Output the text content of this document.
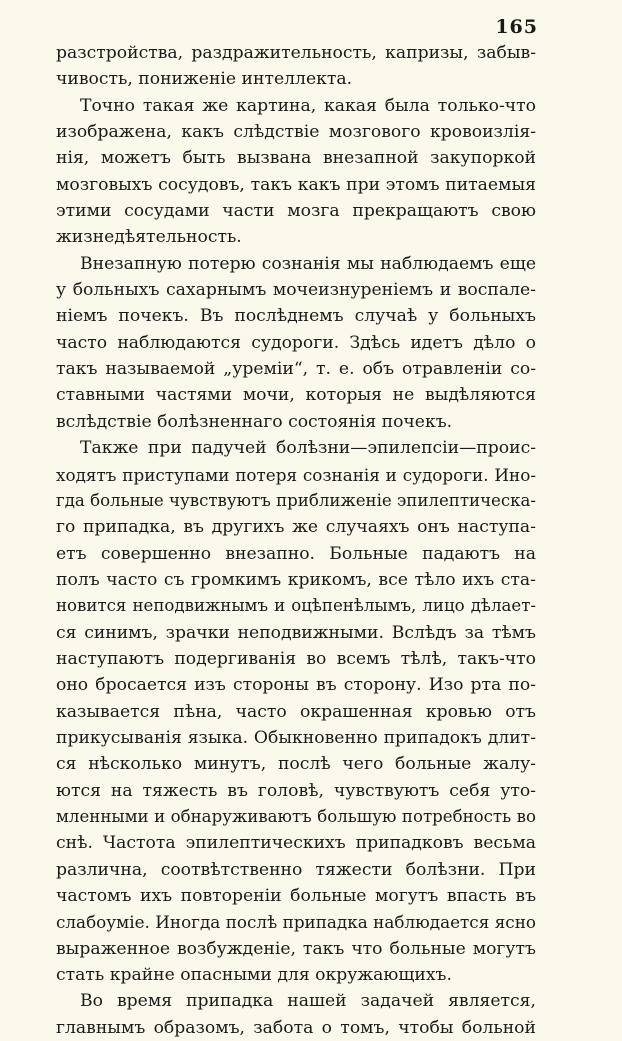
165
разстройства, раздражительность, капризы, забыв-
чивость, пониженіе интеллекта.
Точно такая же картина, какая была только-что
изображена, какъ слѣдствіе мозгового кровоизлія-
нія, можетъ быть вызвана внезапной закупоркой
мозговыхъ сосудовъ, такъ какъ при этомъ питаемыя
этими сосудами части мозга прекращаютъ свою
жизнедѣятельность.
Внезапную потерю сознанія мы наблюдаемъ еще
у больныхъ сахарнымъ мочеизнуреніемъ и воспале-
ніемъ почекъ. Въ послѣднемъ случаѣ у больныхъ
часто наблюдаются судороги. Здѣсь идетъ дѣло о
такъ называемой „уреміи“, т. е. объ отравленіи со-
ставными частями мочи, которыя не выдѣляются
вслѣдствіе болѣзненнаго состоянія почекъ.
Также при падучей болѣзни—эпилепсіи—проис-
ходятъ приступами потеря сознанія и судороги. Ино-
гда больные чувствуютъ приближеніе эпилептическа-
го припадка, въ другихъ же случаяхъ онъ наступа-
етъ совершенно внезапно. Больные падаютъ на
полъ часто съ громкимъ крикомъ, все тѣло ихъ ста-
новится неподвижнымъ и оцѣпенѣлымъ, лицо дѣлает-
ся синимъ, зрачки неподвижными. Вслѣдъ за тѣмъ
наступаютъ подергиванія во всемъ тѣлѣ, такъ-что
оно бросается изъ стороны въ сторону. Изо рта по-
казывается пѣна, часто окрашенная кровью отъ
прикусыванія языка. Обыкновенно припадокъ длит-
ся нѣсколько минутъ, послѣ чего больные жалу-
ются на тяжесть въ головѣ, чувствуютъ себя уто-
мленными и обнаруживаютъ большую потребность во
снѣ. Частота эпилептическихъ припадковъ весьма
различна, соотвѣтственно тяжести болѣзни. При
частомъ ихъ повтореніи больные могутъ впасть въ
слабоуміе. Иногда послѣ припадка наблюдается ясно
выраженное возбужденіе, такъ что больные могутъ
стать крайне опасными для окружающихъ.
Во время припадка нашей задачей является,
главнымъ образомъ, забота о томъ, чтобы больной
